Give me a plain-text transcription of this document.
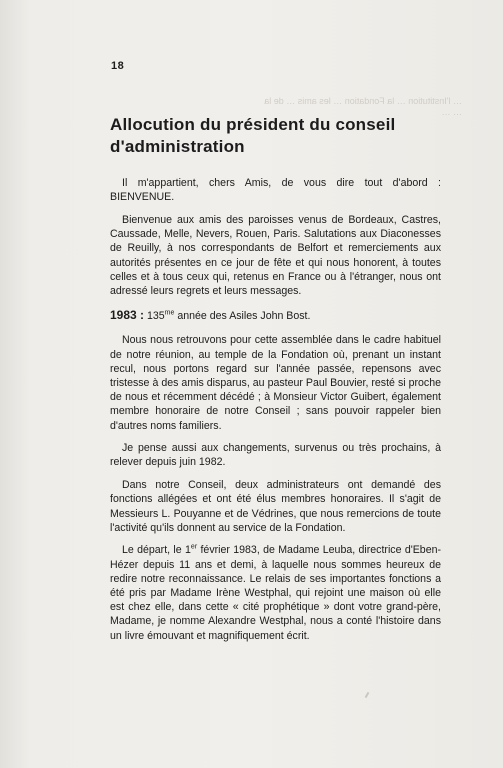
… l'Institution … la Fondation … les amis … de la … …
18
Allocution du président du conseil d'administration

Il m'appartient, chers Amis, de vous dire tout d'abord : BIENVENUE.

Bienvenue aux amis des paroisses venus de Bordeaux, Castres, Caussade, Melle, Nevers, Rouen, Paris. Salutations aux Diaconesses de Reuilly, à nos correspondants de Belfort et remerciements aux autorités présentes en ce jour de fête et qui nous honorent, à toutes celles et à tous ceux qui, retenus en France ou à l'étranger, nous ont adressé leurs regrets et leurs messages.

1983 : $135^{me}$ année des Asiles John Bost.

Nous nous retrouvons pour cette assemblée dans le cadre habituel de notre réunion, au temple de la Fondation où, prenant un instant recul, nous portons regard sur l'année passée, repensons avec tristesse à des amis disparus, au pasteur Paul Bouvier, resté si proche de nous et récemment décédé ; à Monsieur Victor Guibert, également membre honoraire de notre Conseil ; sans pouvoir rappeler bien d'autres noms familiers.

Je pense aussi aux changements, survenus ou très prochains, à relever depuis juin 1982.

Dans notre Conseil, deux administrateurs ont demandé des fonctions allégées et ont été élus membres honoraires. Il s'agit de Messieurs L. Pouyanne et de Védrines, que nous remercions de toute l'activité qu'ils donnent au service de la Fondation.

Le départ, le 1er février 1983, de Madame Leuba, directrice d'Eben-Hézer depuis 11 ans et demi, à laquelle nous sommes heureux de redire notre reconnaissance. Le relais de ses importantes fonctions a été pris par Madame Irène Westphal, qui rejoint une maison où elle est chez elle, dans cette « cité prophétique » dont votre grand-père, Madame, je nomme Alexandre Westphal, nous a conté l'histoire dans un livre émouvant et magnifiquement écrit.
